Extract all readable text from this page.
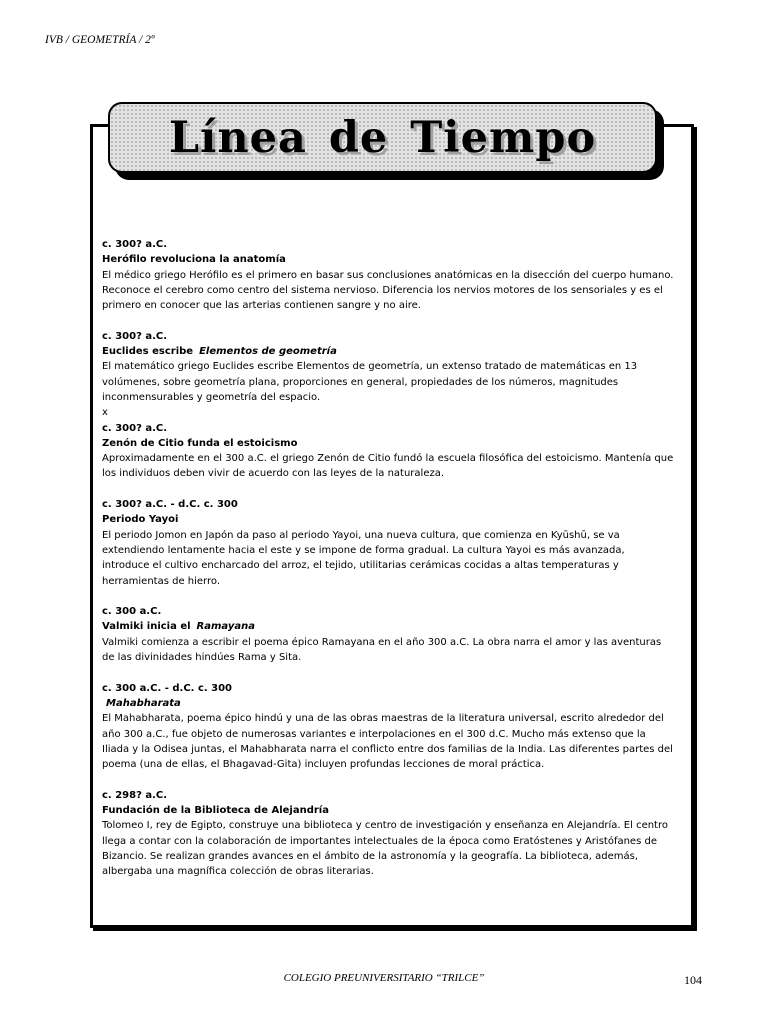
IVB / GEOMETRÍA / 2º
Línea de Tiempo
c. 300? a.C.
Herófilo revoluciona la anatomía
El médico griego Herófilo es el primero en basar sus conclusiones anatómicas en la disección del cuerpo humano. Reconoce el cerebro como centro del sistema nervioso. Diferencia los nervios motores de los sensoriales y es el primero en conocer que las arterias contienen sangre y no aire.
c. 300? a.C.
Euclides escribe Elementos de geometría
El matemático griego Euclides escribe Elementos de geometría, un extenso tratado de matemáticas en 13 volúmenes, sobre geometría plana, proporciones en general, propiedades de los números, magnitudes inconmensurables y geometría del espacio.
x
c. 300? a.C.
Zenón de Citio funda el estoicismo
Aproximadamente en el 300 a.C. el griego Zenón de Citio fundó la escuela filosófica del estoicismo. Mantenía que los individuos deben vivir de acuerdo con las leyes de la naturaleza.
c. 300? a.C. - d.C. c. 300
Periodo Yayoi
El periodo Jomon en Japón da paso al periodo Yayoi, una nueva cultura, que comienza en Kyūshū, se va extendiendo lentamente hacia el este y se impone de forma gradual. La cultura Yayoi es más avanzada, introduce el cultivo encharcado del arroz, el tejido, utilitarias cerámicas cocidas a altas temperaturas y herramientas de hierro.
c. 300 a.C.
Valmiki inicia el Ramayana
Valmiki comienza a escribir el poema épico Ramayana en el año 300 a.C. La obra narra el amor y las aventuras de las divinidades hindúes Rama y Sita.
c. 300 a.C. - d.C. c. 300
Mahabharata
El Mahabharata, poema épico hindú y una de las obras maestras de la literatura universal, escrito alrededor del año 300 a.C., fue objeto de numerosas variantes e interpolaciones en el 300 d.C. Mucho más extenso que la Iliada y la Odisea juntas, el Mahabharata narra el conflicto entre dos familias de la India. Las diferentes partes del poema (una de ellas, el Bhagavad-Gita) incluyen profundas lecciones de moral práctica.
c. 298? a.C.
Fundación de la Biblioteca de Alejandría
Tolomeo I, rey de Egipto, construye una biblioteca y centro de investigación y enseñanza en Alejandría. El centro llega a contar con la colaboración de importantes intelectuales de la época como Eratóstenes y Aristófanes de Bizancio. Se realizan grandes avances en el ámbito de la astronomía y la geografía. La biblioteca, además, albergaba una magnífica colección de obras literarias.
COLEGIO PREUNIVERSITARIO “TRILCE”	104
